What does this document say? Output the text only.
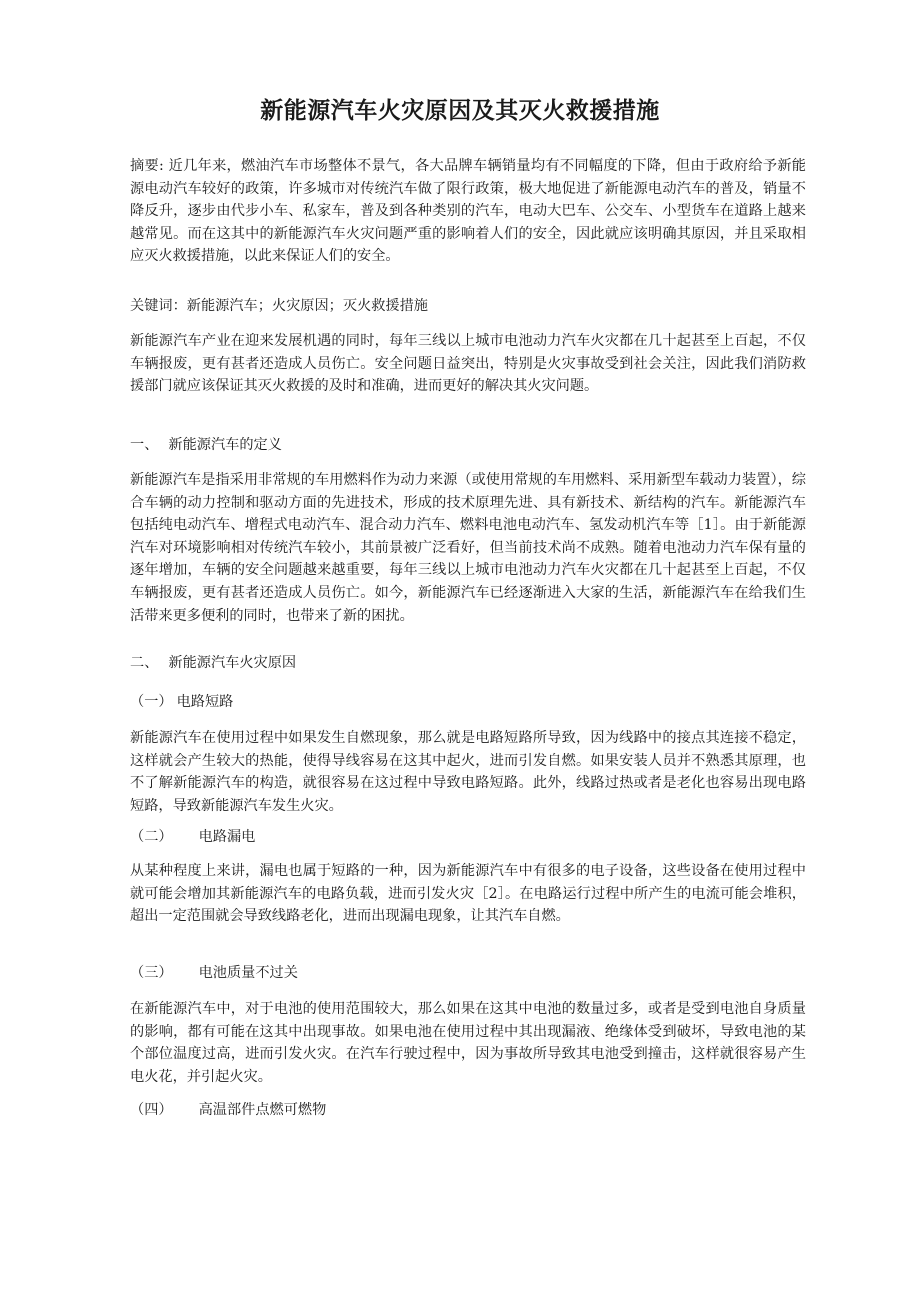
新能源汽车火灾原因及其灭火救援措施

摘要: 近几年来，燃油汽车市场整体不景气，各大品牌车辆销量均有不同幅度的下降，但由于政府给予新能源电动汽车较好的政策，许多城市对传统汽车做了限行政策，极大地促进了新能源电动汽车的普及，销量不降反升，逐步由代步小车、私家车，普及到各种类别的汽车，电动大巴车、公交车、小型货车在道路上越来越常见。而在这其中的新能源汽车火灾问题严重的影响着人们的安全，因此就应该明确其原因，并且采取相应灭火救援措施，以此来保证人们的安全。

关键词：新能源汽车；火灾原因；灭火救援措施

新能源汽车产业在迎来发展机遇的同时，每年三线以上城市电池动力汽车火灾都在几十起甚至上百起，不仅车辆报废，更有甚者还造成人员伤亡。安全问题日益突出，特别是火灾事故受到社会关注，因此我们消防救援部门就应该保证其灭火救援的及时和准确，进而更好的解决其火灾问题。

一、 新能源汽车的定义

新能源汽车是指采用非常规的车用燃料作为动力来源（或使用常规的车用燃料、采用新型车载动力装置），综合车辆的动力控制和驱动方面的先进技术，形成的技术原理先进、具有新技术、新结构的汽车。新能源汽车包括纯电动汽车、增程式电动汽车、混合动力汽车、燃料电池电动汽车、氢发动机汽车等［1］。由于新能源汽车对环境影响相对传统汽车较小，其前景被广泛看好，但当前技术尚不成熟。随着电池动力汽车保有量的逐年增加，车辆的安全问题越来越重要，每年三线以上城市电池动力汽车火灾都在几十起甚至上百起，不仅车辆报废，更有甚者还造成人员伤亡。如今，新能源汽车已经逐渐进入大家的生活，新能源汽车在给我们生活带来更多便利的同时，也带来了新的困扰。

二、 新能源汽车火灾原因

（一） 电路短路

新能源汽车在使用过程中如果发生自燃现象，那么就是电路短路所导致，因为线路中的接点其连接不稳定，这样就会产生较大的热能，使得导线容易在这其中起火，进而引发自燃。如果安装人员并不熟悉其原理，也不了解新能源汽车的构造，就很容易在这过程中导致电路短路。此外，线路过热或者是老化也容易出现电路短路，导致新能源汽车发生火灾。

（二） 电路漏电

从某种程度上来讲，漏电也属于短路的一种，因为新能源汽车中有很多的电子设备，这些设备在使用过程中就可能会增加其新能源汽车的电路负载，进而引发火灾［2］。在电路运行过程中所产生的电流可能会堆积，超出一定范围就会导致线路老化，进而出现漏电现象，让其汽车自燃。

（三） 电池质量不过关

在新能源汽车中，对于电池的使用范围较大，那么如果在这其中电池的数量过多，或者是受到电池自身质量的影响，都有可能在这其中出现事故。如果电池在使用过程中其出现漏液、绝缘体受到破坏，导致电池的某个部位温度过高，进而引发火灾。在汽车行驶过程中，因为事故所导致其电池受到撞击，这样就很容易产生电火花，并引起火灾。

（四） 高温部件点燃可燃物
